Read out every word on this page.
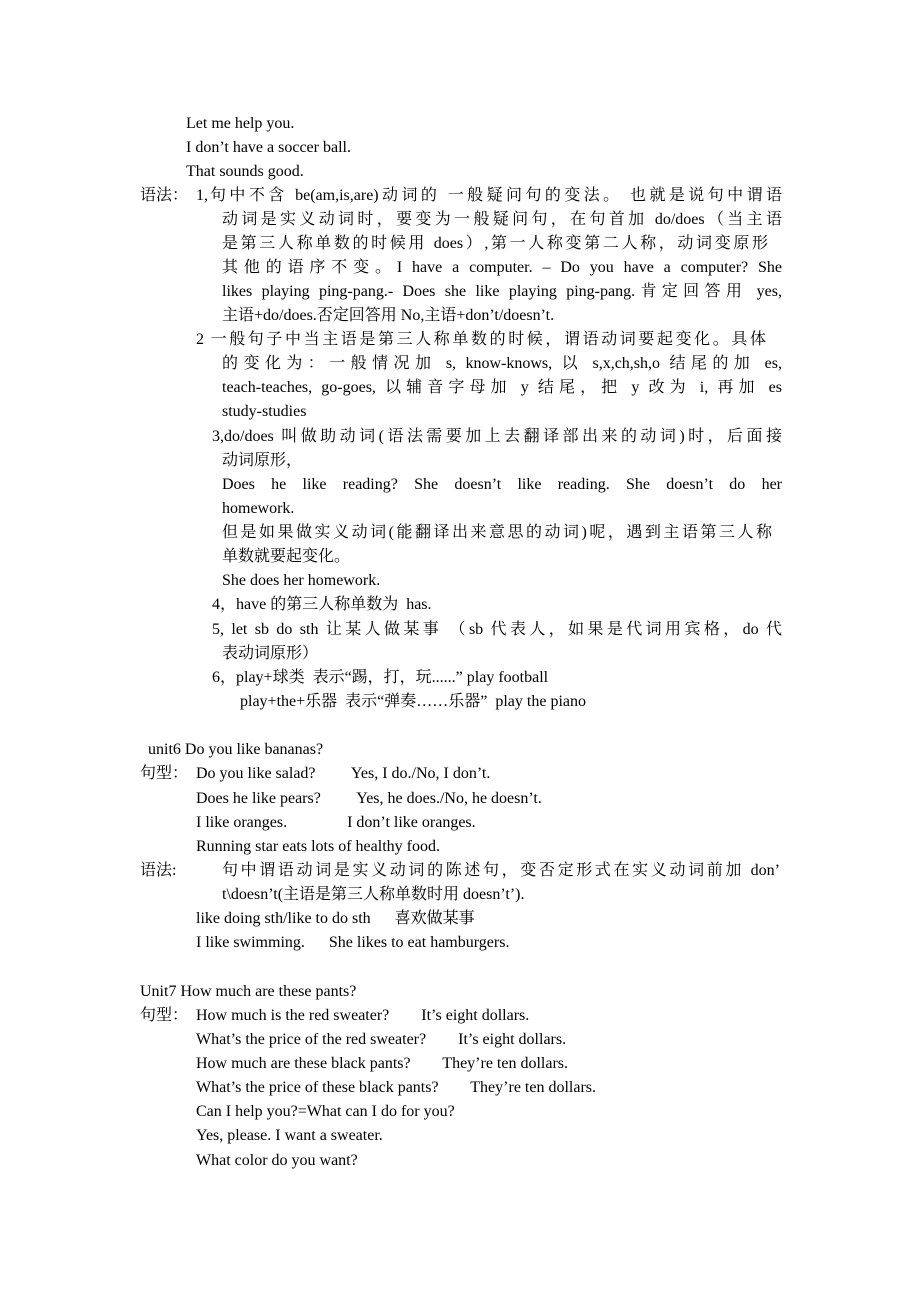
Let me help you.
I don’t have a soccer ball.
That sounds good.
语法： 1, 句中不含 be(am,is,are)动词的 一般疑问句的变法。 也就是说句中谓语
动词是实义动词时，要变为一般疑问句，在句首加 do/does（当主语
是第三人称单数的时候用 does）,第一人称变第二人称，动词变原形
其他的语序不变。I have a computer. – Do you have a computer? She
likes playing ping-pang.- Does she like playing ping-pang.肯定回答用 yes,
主语+do/does.否定回答用 No,主语+don’t/doesn’t.
2 一般句子中当主语是第三人称单数的时候，谓语动词要起变化。具体
的变化为：一般情况加 s, know-knows, 以 s,x,ch,sh,o 结尾的加 es,
teach-teaches, go-goes, 以辅音字母加 y 结尾，把 y 改为 i, 再加 es
study-studies
3,do/does 叫做助动词(语法需要加上去翻译部出来的动词)时，后面接
动词原形，
Does he like reading? She doesn’t like reading. She doesn’t do her
homework.
但是如果做实义动词(能翻译出来意思的动词)呢，遇到主语第三人称
单数就要起变化。
She does her homework.
4，have 的第三人称单数为  has.
5, let sb do sth 让某人做某事 （sb 代表人，如果是代词用宾格，do 代
表动词原形）
6，play+球类  表示“踢，打，玩......” play football
play+the+乐器  表示“弹奏……乐器”  play the piano
unit6 Do you like bananas?
句型： Do you like salad?         Yes, I do./No, I don’t.
Does he like pears?         Yes, he does./No, he doesn’t.
I like oranges.               I don’t like oranges.
Running star eats lots of healthy food.
语法:	句中谓语动词是实义动词的陈述句，变否定形式在实义动词前加 don’
t\doesn’t(主语是第三人称单数时用 doesn’t’).
like doing sth/like to do sth      喜欢做某事
I like swimming.      She likes to eat hamburgers.
Unit7 How much are these pants?
句型： How much is the red sweater?        It’s eight dollars.
What’s the price of the red sweater?        It’s eight dollars.
How much are these black pants?        They’re ten dollars.
What’s the price of these black pants?        They’re ten dollars.
Can I help you?=What can I do for you?
Yes, please. I want a sweater.
What color do you want?
